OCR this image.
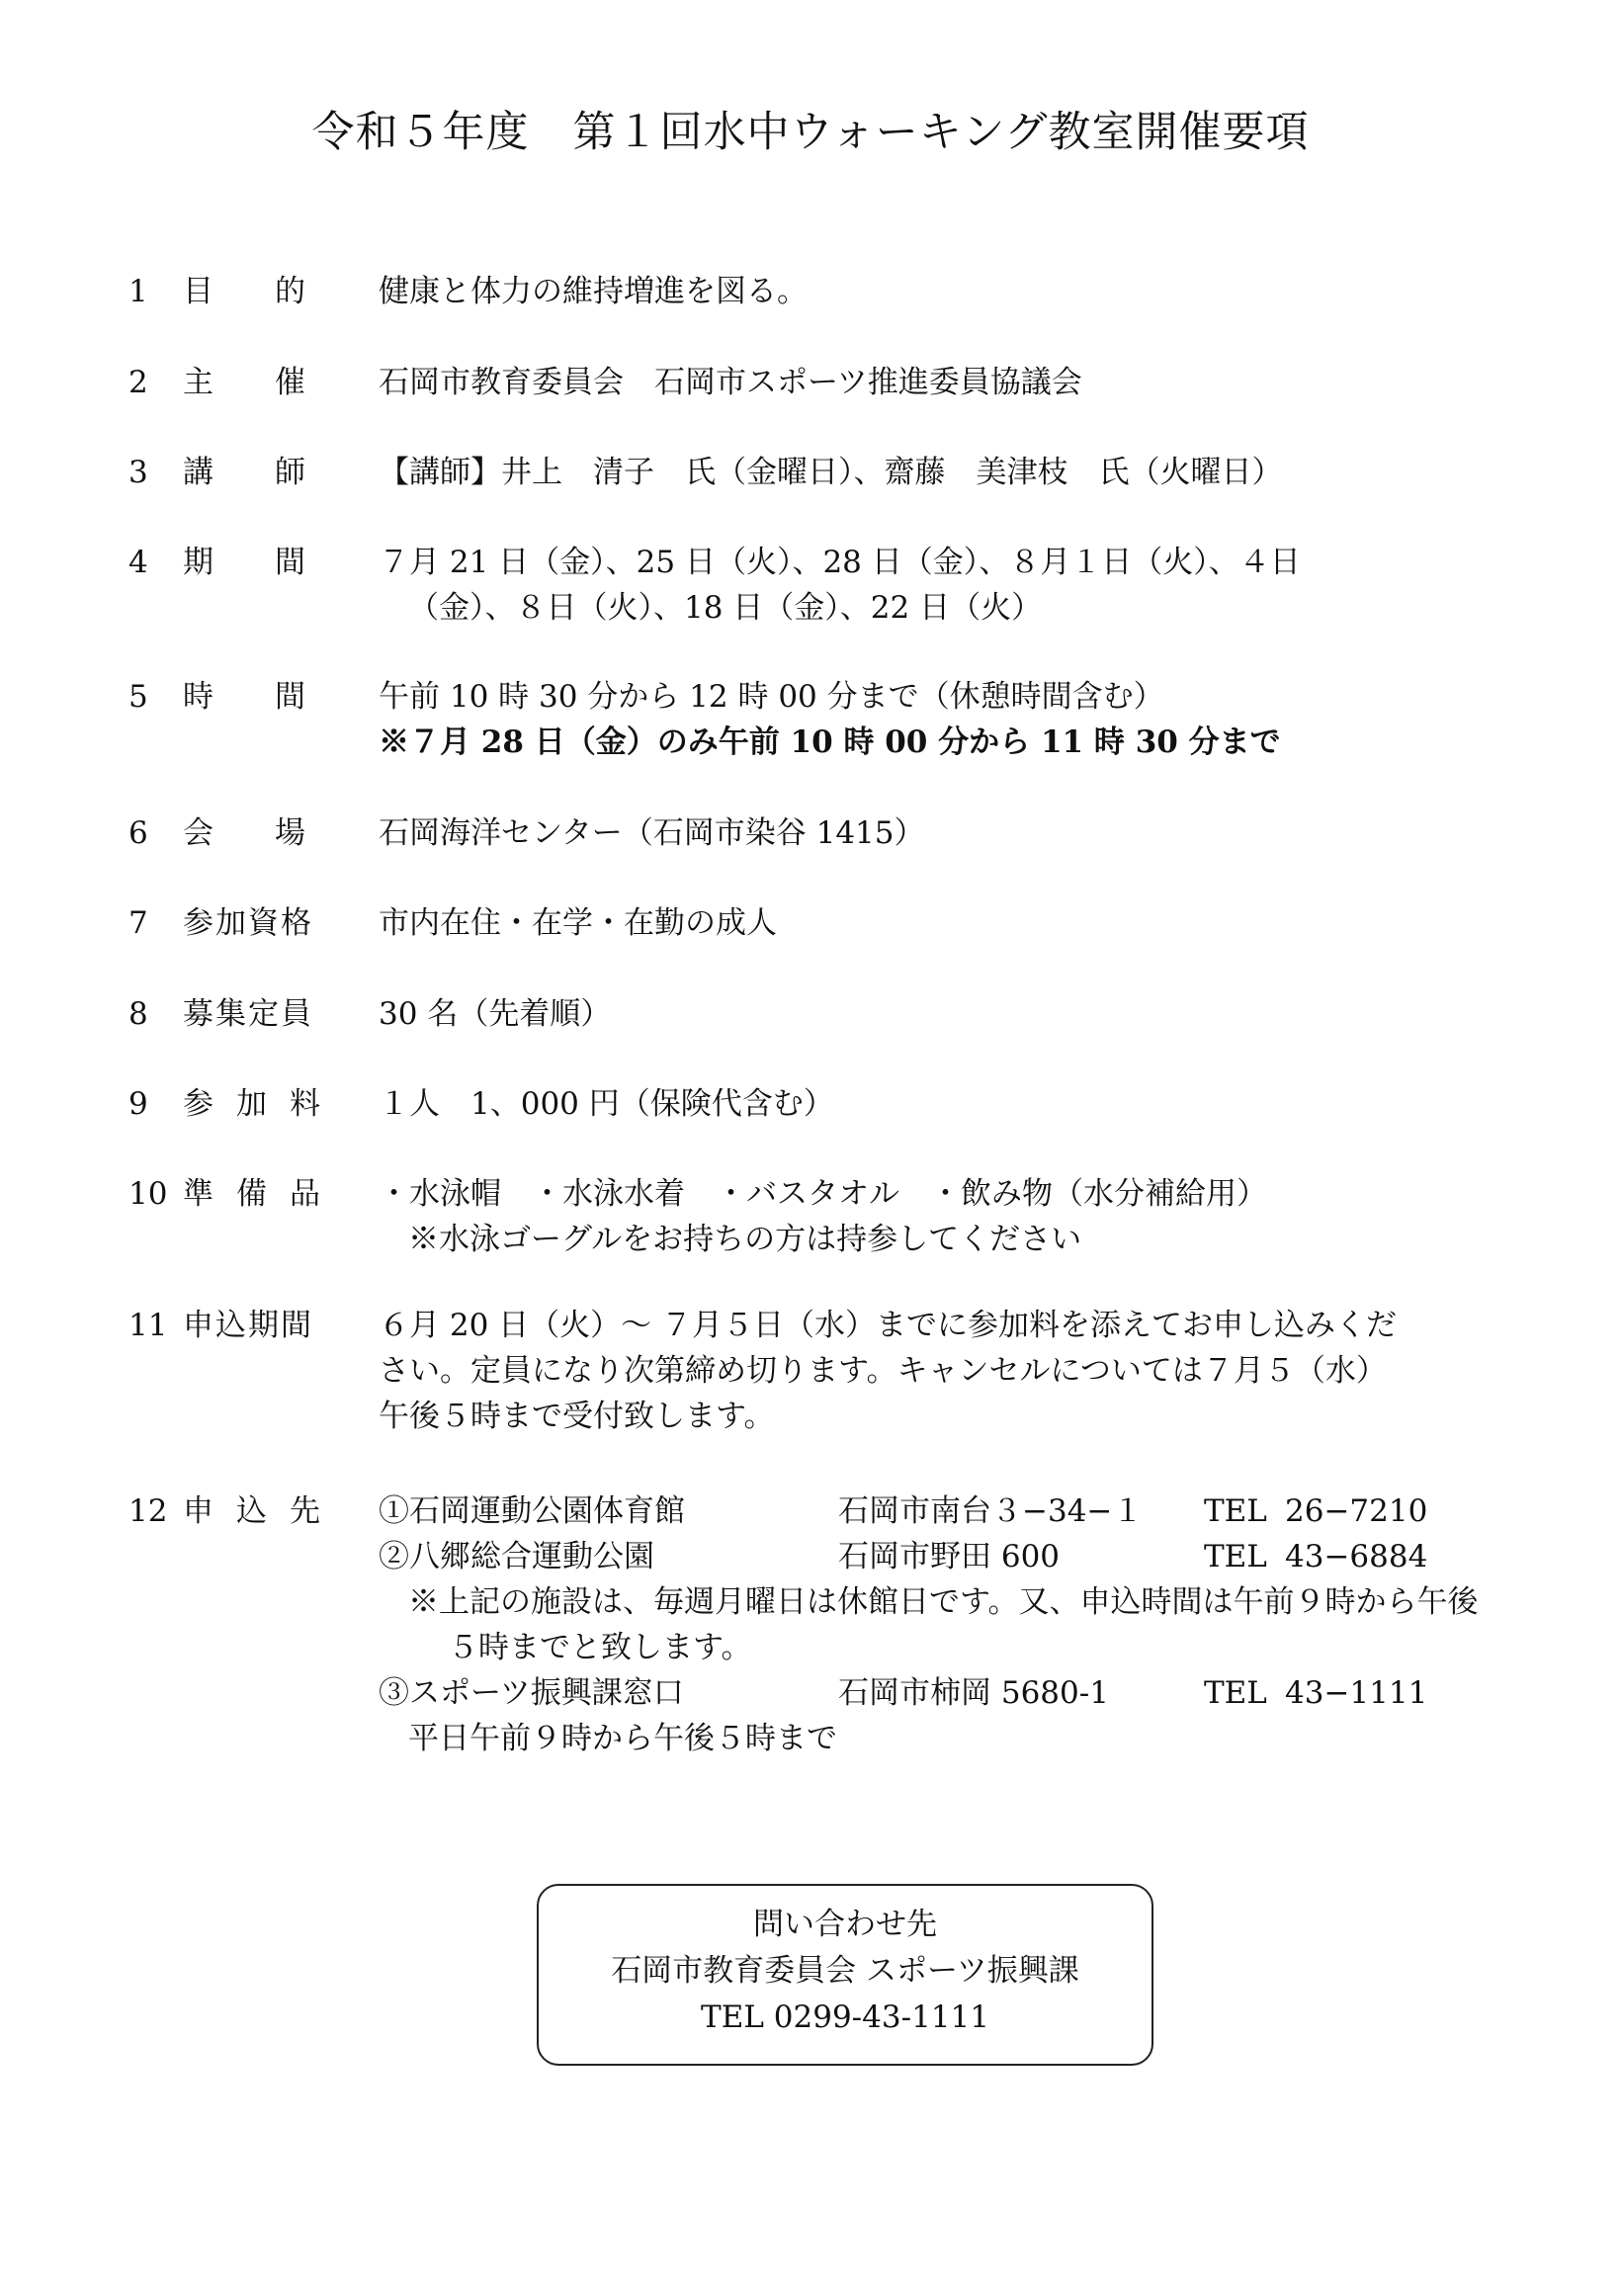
令和５年度　第１回水中ウォーキング教室開催要項
1	目的 健康と体力の維持増進を図る。
2	主催 石岡市教育委員会　石岡市スポーツ推進委員協議会
3	講師 【講師】井上　清子　氏（金曜日）、齋藤　美津枝　氏（火曜日）
4	期間 ７月 21 日（金）、25 日（火）、28 日（金）、８月１日（火）、４日
（金）、８日（火）、18 日（金）、22 日（火）
5	時間 午前 10 時 30 分から 12 時 00 分まで（休憩時間含む）
※７月 28 日（金）のみ午前 10 時 00 分から 11 時 30 分まで
6	会場 石岡海洋センター（石岡市染谷 1415）
7	参加資格	市内在住・在学・在勤の成人
8	募集定員	30 名（先着順）
9	参加料	１人　1、000 円（保険代含む）
10 準備品	・水泳帽　・水泳水着　・バスタオル　・飲み物（水分補給用）
※水泳ゴーグルをお持ちの方は持参してください
11 申込期間	６月 20 日（火）～ ７月５日（水）までに参加料を添えてお申し込みくだ
さい。定員になり次第締め切ります。キャンセルについては７月５（水）
午後５時まで受付致します。
12 申込先	①石岡運動公園体育館	石岡市南台３−34−１	TEL 26−7210
②八郷総合運動公園	石岡市野田 600	TEL 43−6884
※上記の施設は、毎週月曜日は休館日です。又、申込時間は午前９時から午後
５時までと致します。
③スポーツ振興課窓口	石岡市柿岡 5680-1	TEL 43−1111
平日午前９時から午後５時まで
問い合わせ先
石岡市教育委員会 スポーツ振興課
TEL 0299-43-1111
